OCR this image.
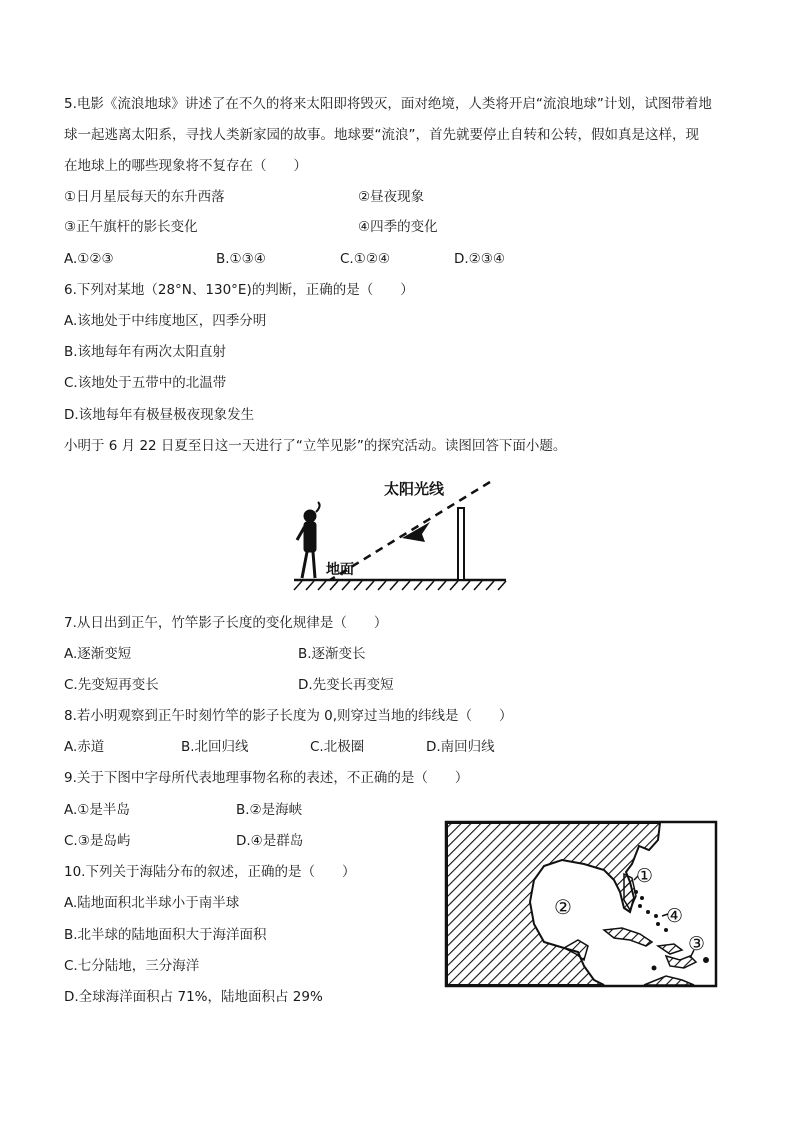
5.电影《流浪地球》讲述了在不久的将来太阳即将毁灭，面对绝境，人类将开启“流浪地球”计划，试图带着地
球一起逃离太阳系，寻找人类新家园的故事。地球要“流浪”，首先就要停止自转和公转，假如真是这样，现
在地球上的哪些现象将不复存在（　　）
①日月星辰每天的东升西落	②昼夜现象
③正午旗杆的影长变化	④四季的变化
A.①②③	B.①③④	C.①②④	D.②③④
6.下列对某地（28°N、130°E)的判断，正确的是（　　）
A.该地处于中纬度地区，四季分明
B.该地每年有两次太阳直射
C.该地处于五带中的北温带
D.该地每年有极昼极夜现象发生
小明于 6 月 22 日夏至日这一天进行了“立竿见影”的探究活动。读图回答下面小题。
太阳光线
地面
7.从日出到正午，竹竿影子长度的变化规律是（　　）
A.逐渐变短	B.逐渐变长
C.先变短再变长	D.先变长再变短
8.若小明观察到正午时刻竹竿的影子长度为 0,则穿过当地的纬线是（　　）
A.赤道	B.北回归线	C.北极圈	D.南回归线
9.关于下图中字母所代表地理事物名称的表述，不正确的是（　　）
A.①是半岛	B.②是海峡
C.③是岛屿	D.④是群岛
①
②	④
③
10.下列关于海陆分布的叙述，正确的是（　　）
A.陆地面积北半球小于南半球
B.北半球的陆地面积大于海洋面积
C.七分陆地，三分海洋
D.全球海洋面积占 71%，陆地面积占 29%
